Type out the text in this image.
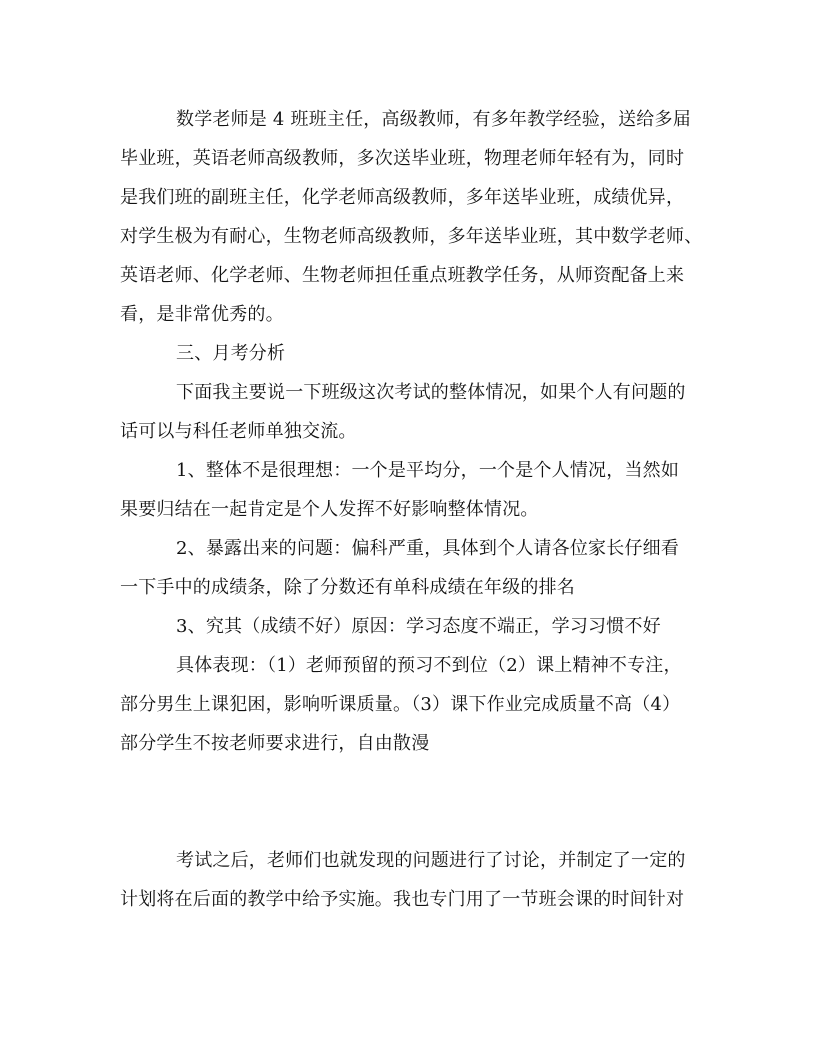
数学老师是 4 班班主任，高级教师，有多年教学经验，送给多届
毕业班，英语老师高级教师，多次送毕业班，物理老师年轻有为，同时
是我们班的副班主任，化学老师高级教师，多年送毕业班，成绩优异，
对学生极为有耐心，生物老师高级教师，多年送毕业班，其中数学老师、
英语老师、化学老师、生物老师担任重点班教学任务，从师资配备上来
看，是非常优秀的。
三、月考分析
下面我主要说一下班级这次考试的整体情况，如果个人有问题的
话可以与科任老师单独交流。
1、整体不是很理想：一个是平均分，一个是个人情况，当然如
果要归结在一起肯定是个人发挥不好影响整体情况。
2、暴露出来的问题：偏科严重，具体到个人请各位家长仔细看
一下手中的成绩条，除了分数还有单科成绩在年级的排名
3、究其（成绩不好）原因：学习态度不端正，学习习惯不好
具体表现：（1）老师预留的预习不到位（2）课上精神不专注，
部分男生上课犯困，影响听课质量。（3）课下作业完成质量不高（4）
部分学生不按老师要求进行，自由散漫
考试之后，老师们也就发现的问题进行了讨论，并制定了一定的
计划将在后面的教学中给予实施。我也专门用了一节班会课的时间针对
